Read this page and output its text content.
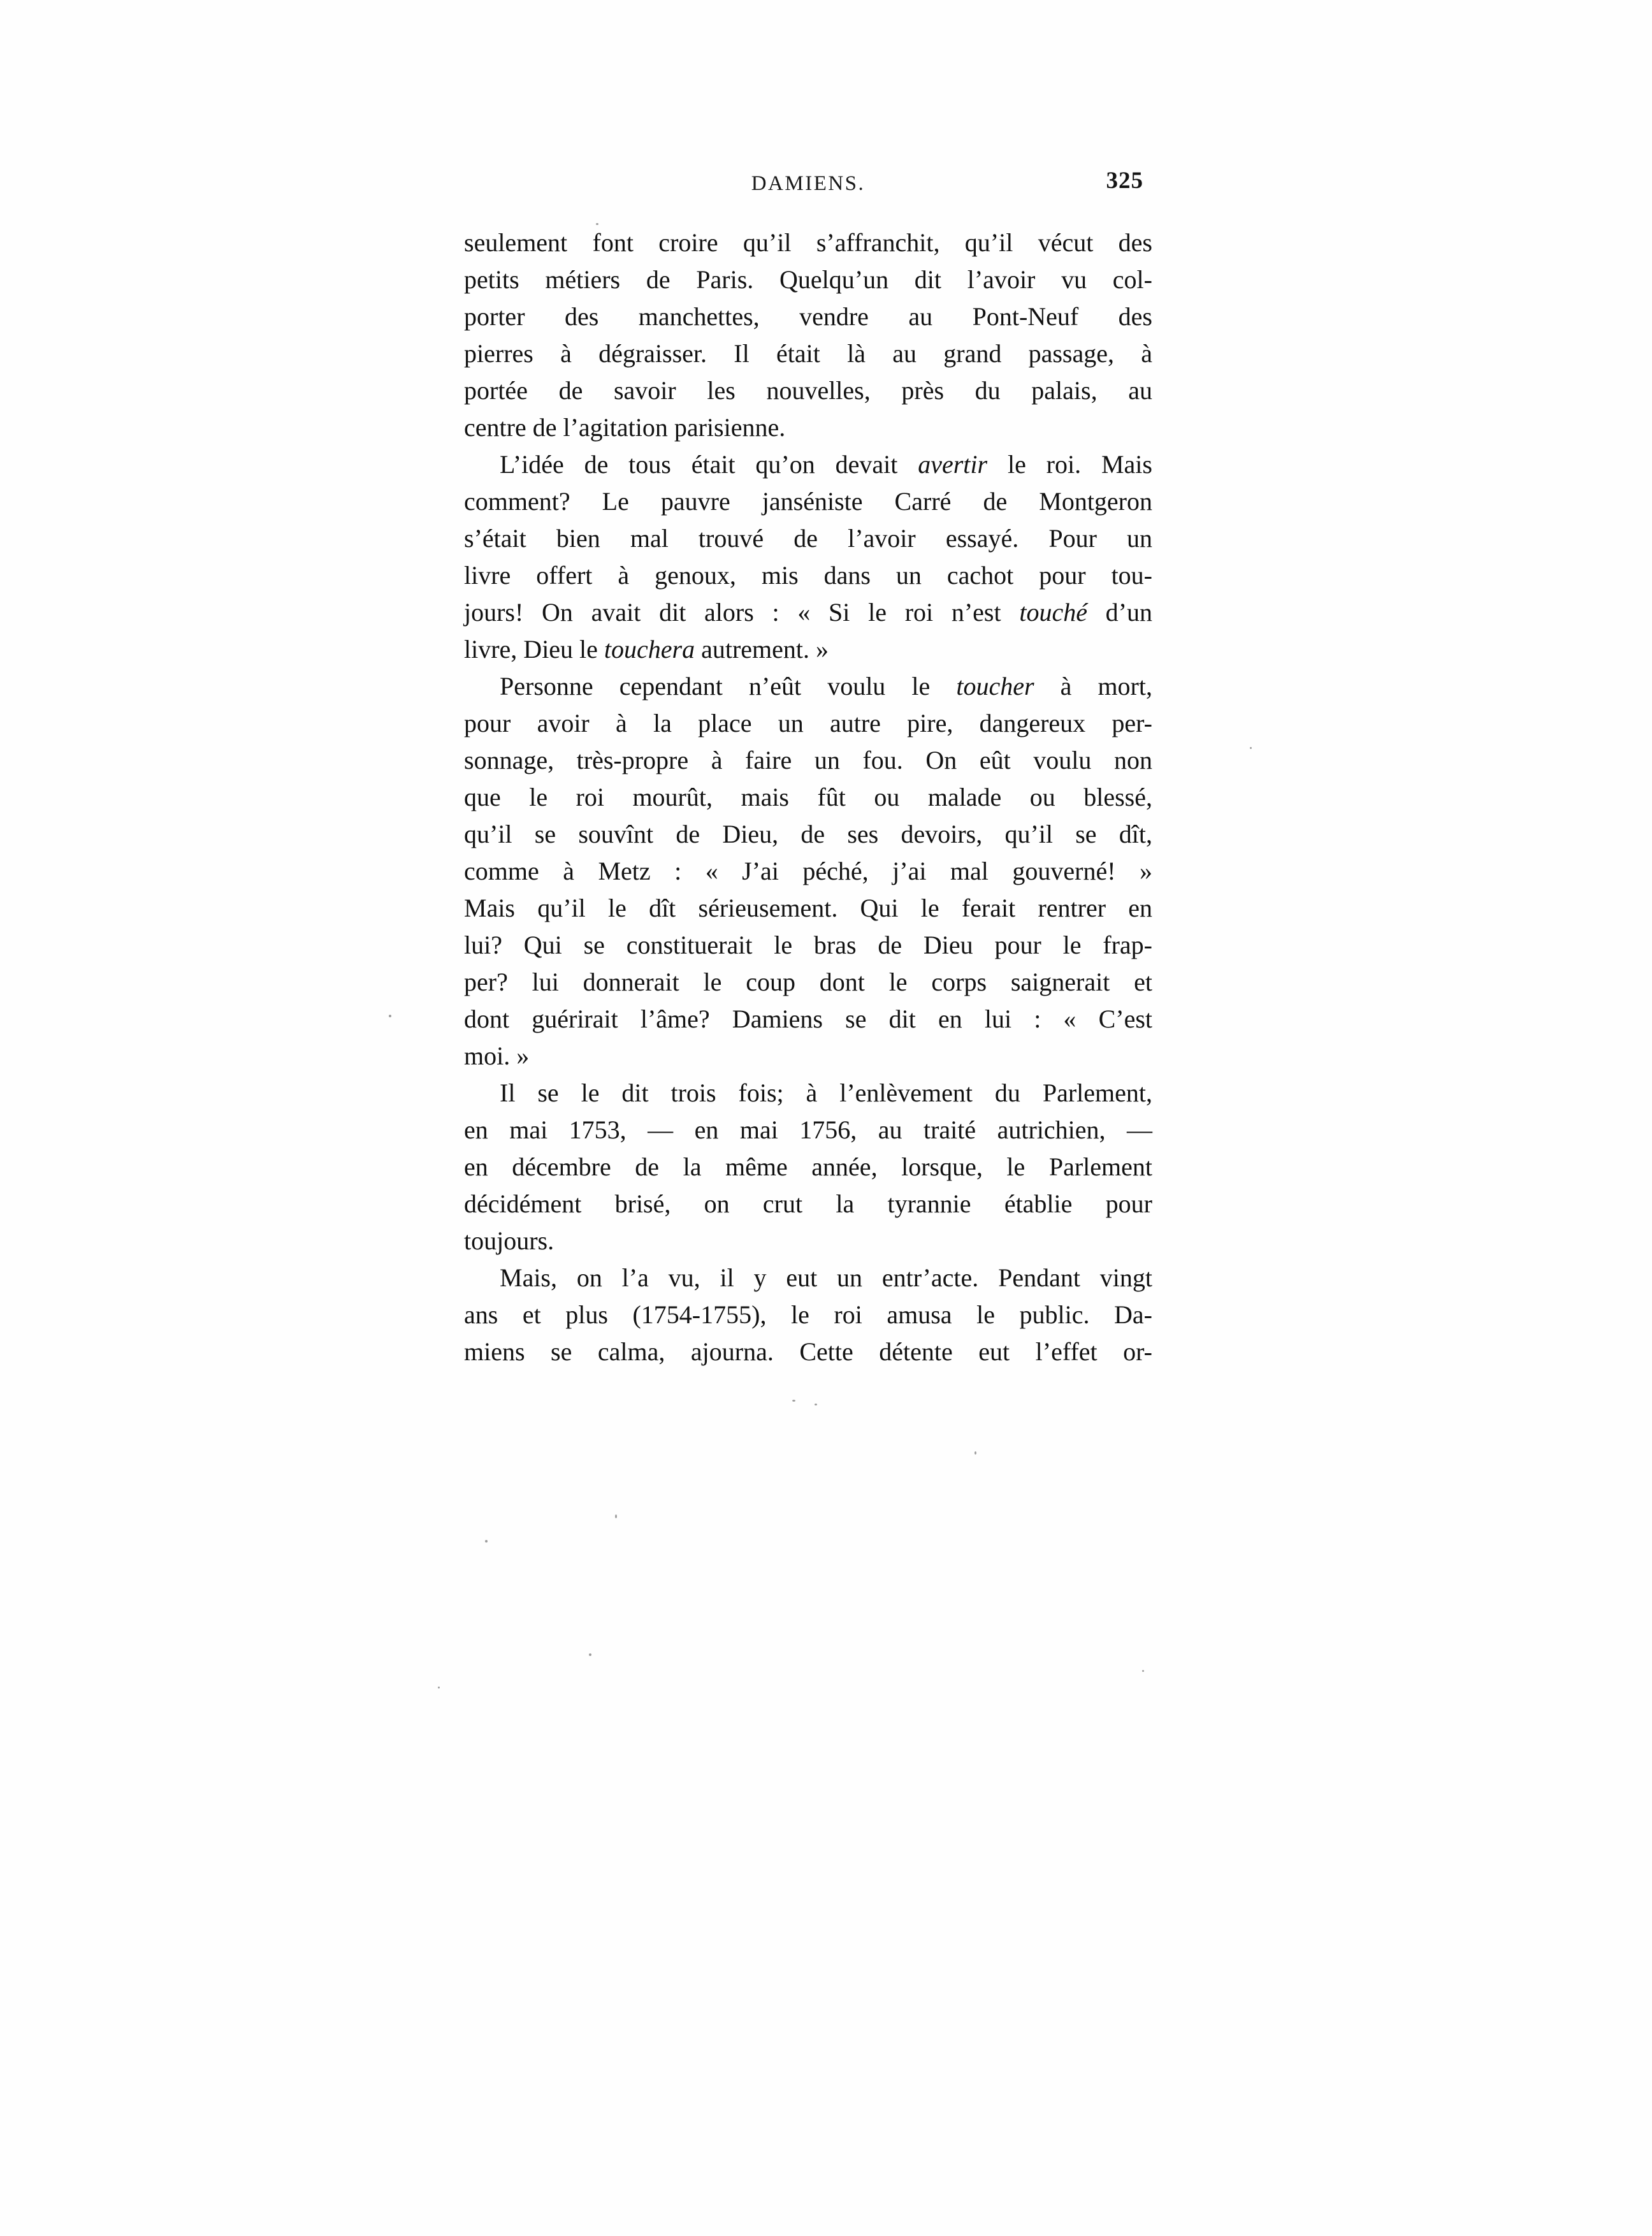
DAMIENS.	325
seulement font croire qu’il s’affranchit, qu’il vécut des
petits métiers de Paris. Quelqu’un dit l’avoir vu col-
porter des manchettes, vendre au Pont-Neuf des
pierres à dégraisser. Il était là au grand passage, à
portée de savoir les nouvelles, près du palais, au
centre de l’agitation parisienne.
L’idée de tous était qu’on devait avertir le roi. Mais
comment? Le pauvre janséniste Carré de Montgeron
s’était bien mal trouvé de l’avoir essayé. Pour un
livre offert à genoux, mis dans un cachot pour tou-
jours! On avait dit alors : « Si le roi n’est touché d’un
livre, Dieu le touchera autrement. »
Personne cependant n’eût voulu le toucher à mort,
pour avoir à la place un autre pire, dangereux per-
sonnage, très-propre à faire un fou. On eût voulu non
que le roi mourût, mais fût ou malade ou blessé,
qu’il se souvînt de Dieu, de ses devoirs, qu’il se dît,
comme à Metz : « J’ai péché, j’ai mal gouverné! »
Mais qu’il le dît sérieusement. Qui le ferait rentrer en
lui? Qui se constituerait le bras de Dieu pour le frap-
per? lui donnerait le coup dont le corps saignerait et
dont guérirait l’âme? Damiens se dit en lui : « C’est
moi. »
Il se le dit trois fois; à l’enlèvement du Parlement,
en mai 1753, — en mai 1756, au traité autrichien, —
en décembre de la même année, lorsque, le Parlement
décidément brisé, on crut la tyrannie établie pour
toujours.
Mais, on l’a vu, il y eut un entr’acte. Pendant vingt
ans et plus (1754-1755), le roi amusa le public. Da-
miens se calma, ajourna. Cette détente eut l’effet or-
